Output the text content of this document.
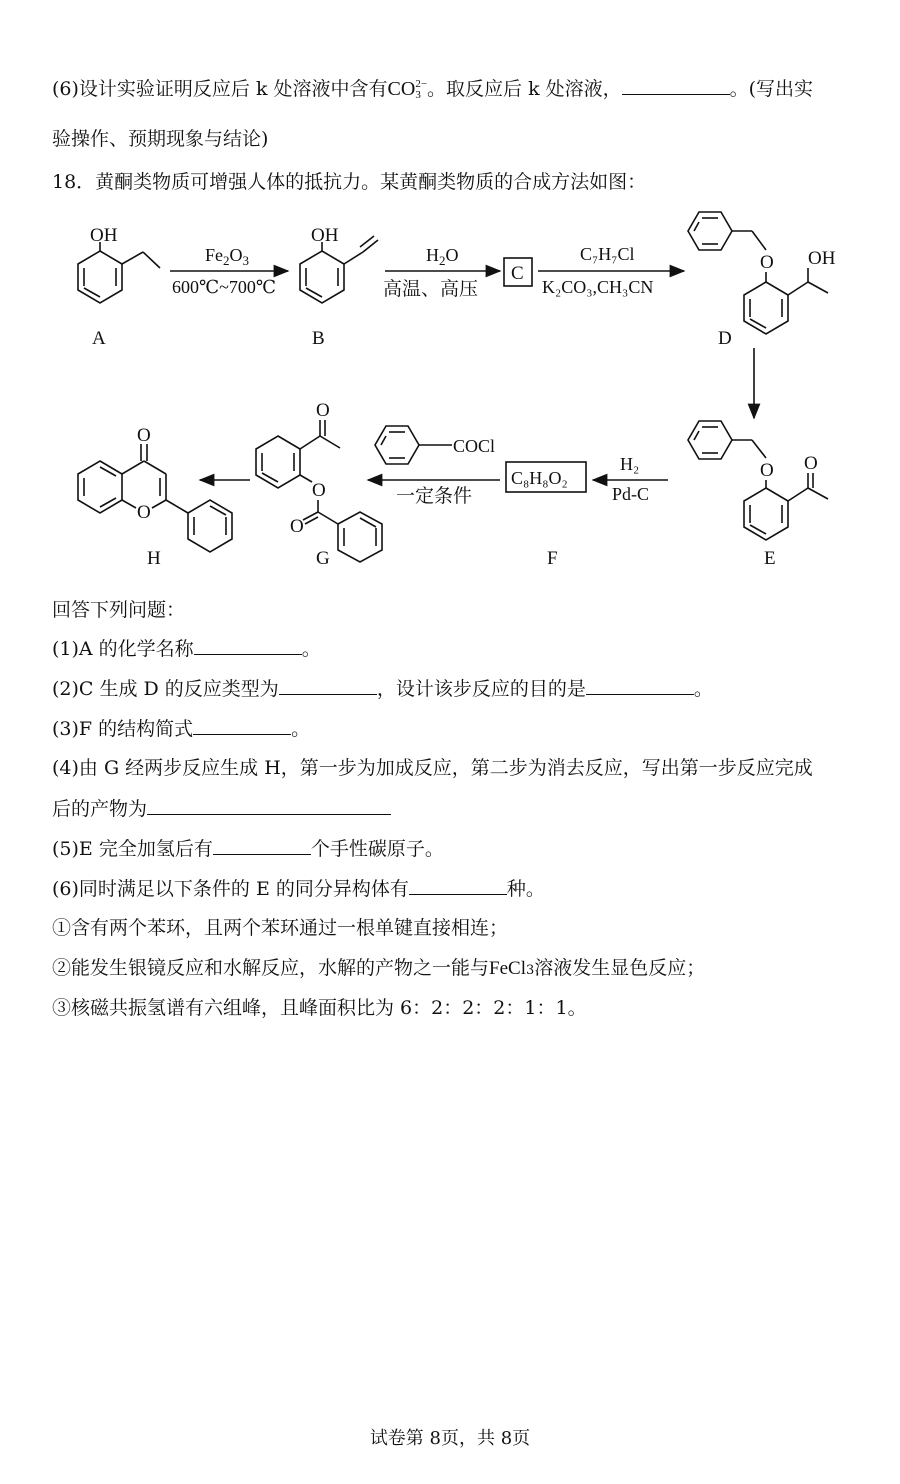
(6)设计实验证明反应后 k 处溶液中含有CO 2−
3 。取反应后 k 处溶液，	。(写出实
验操作、预期现象与结论)
18．黄酮类物质可增强人体的抵抗力。某黄酮类物质的合成方法如图：
OH
A
$Fe_2O_3$
600℃~700℃
OH
B
$H_2O$
高温、高压
C
C₇H₇Cl
K₂CO₃,CH₃CN
O OH
D
O O
E
H₂
Pd-C
C₈H₈O₂
F
COCl
一定条件
O
O
O
G
O
O
H
回答下列问题：
(1)A 的化学名称	。
(2)C 生成 D 的反应类型为	，设计该步反应的目的是	。
(3)F 的结构简式	。
(4)由 G 经两步反应生成 H，第一步为加成反应，第二步为消去反应，写出第一步反应完成
后的产物为
(5)E 完全加氢后有	个手性碳原子。
(6)同时满足以下条件的 E 的同分异构体有	种。
①含有两个苯环，且两个苯环通过一根单键直接相连；
②能发生银镜反应和水解反应，水解的产物之一能与FeCl3溶液发生显色反应；
③核磁共振氢谱有六组峰，且峰面积比为 6：2：2：2：1：1。
试卷第 8页，共 8页
